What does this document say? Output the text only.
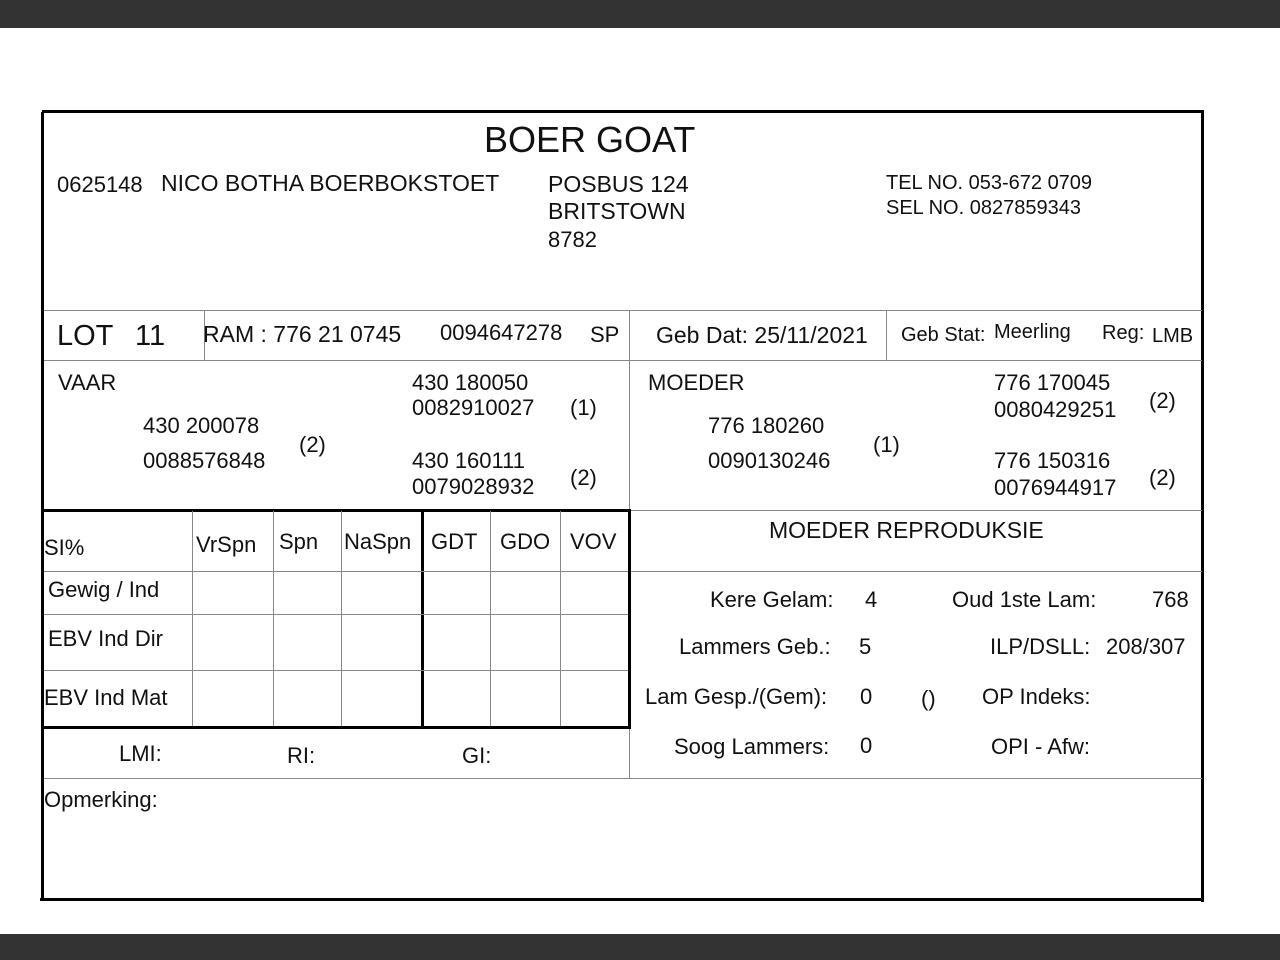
BOER GOAT
0625148 NICO BOTHA BOERBOKSTOET POSBUS 124
BRITSTOWN
8782
TEL NO. 053-672 0709
SEL NO. 0827859343
LOT 11 RAM : 776 21 0745 0094647278 SP Geb Dat: 25/11/2021 Geb Stat: Meerling Reg: LMB
VAAR
430 200078
0088576848
(2)
430 180050
0082910027 (1)
430 160111
0079028932 (2)
MOEDER
776 180260
0090130246
(1)
776 170045
0080429251 (2)
776 150316
0076944917 (2)
SI%	VrSpn Spn NaSpn GDT GDO VOV
Gewig / Ind
EBV Ind Dir
EBV Ind Mat
LMI:	RI:	GI:
MOEDER REPRODUKSIE
Kere Gelam: 4	Oud 1ste Lam:	768
Lammers Geb.: 5	ILP/DSLL: 208/307
Lam Gesp./(Gem): 0 () OP Indeks:
Soog Lammers: 0	OPI - Afw:
Opmerking:
